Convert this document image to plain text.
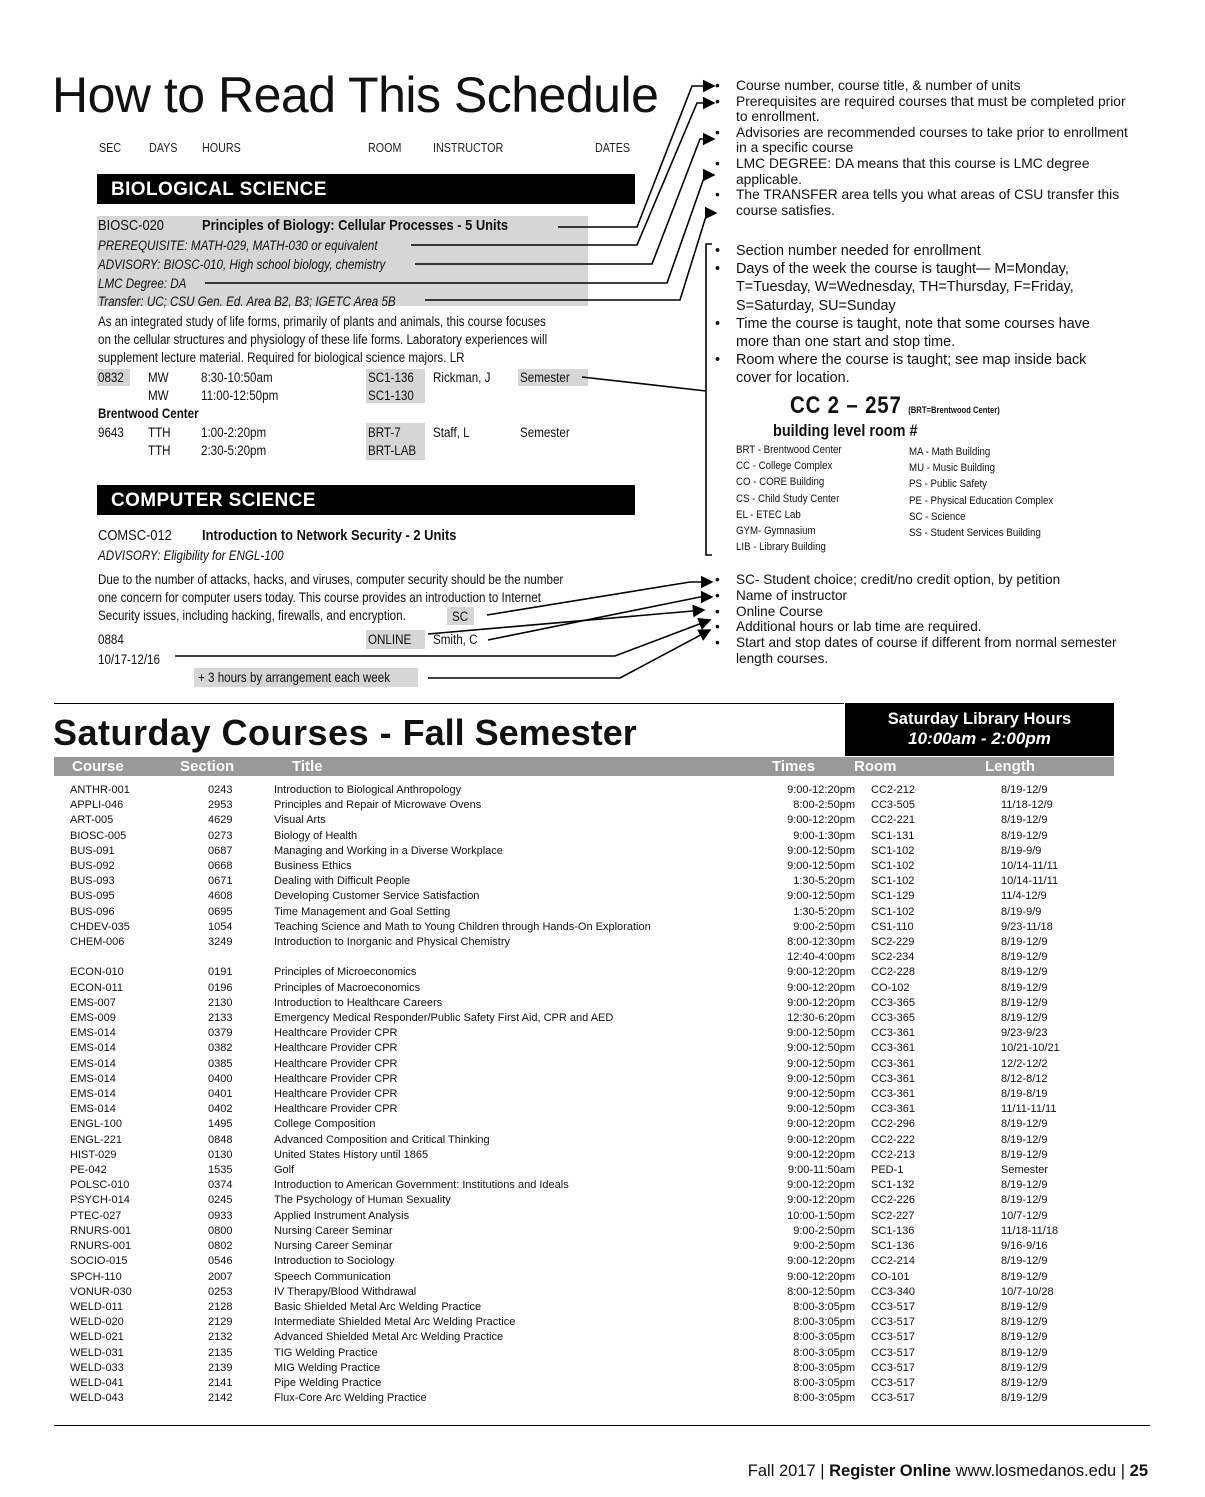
How to Read This Schedule
SEC DAYS HOURS	ROOM	INSTRUCTOR	DATES
BIOLOGICAL SCIENCE
BIOSC-020	Principles of Biology: Cellular Processes - 5 Units
PREREQUISITE: MATH-029, MATH-030 or equivalent
ADVISORY: BIOSC-010, High school biology, chemistry
LMC Degree: DA
Transfer: UC; CSU Gen. Ed. Area B2, B3; IGETC Area 5B
As an integrated study of life forms, primarily of plants and animals, this course focuses
on the cellular structures and physiology of these life forms. Laboratory experiences will
supplement lecture material. Required for biological science majors. LR
0832 MW 8:30-10:50am	SC1-136 Rickman, J Semester
MW 11:00-12:50pm	SC1-130
Brentwood Center
9643 TTH 1:00-2:20pm	BRT-7 Staff, L	Semester
TTH 2:30-5:20pm	BRT-LAB
COMPUTER SCIENCE
COMSC-012 Introduction to Network Security - 2 Units
ADVISORY: Eligibility for ENGL-100
Due to the number of attacks, hacks, and viruses, computer security should be the number
one concern for computer users today. This course provides an introduction to Internet
Security issues, including hacking, firewalls, and encryption.	SC
0884	ONLINE Smith, C
10/17-12/16
+ 3 hours by arrangement each week
• Course number, course title, & number of units
• Prerequisites are required courses that must be completed prior to enrollment.
• Advisories are recommended courses to take prior to enrollment in a specific course
• LMC DEGREE: DA means that this course is LMC degree applicable.
• The TRANSFER area tells you what areas of CSU transfer this course satisfies.
• Section number needed for enrollment
• Days of the week the course is taught— M=Monday, T=Tuesday, W=Wednesday, TH=Thursday, F=Friday, S=Saturday, SU=Sunday
• Time the course is taught, note that some courses have more than one start and stop time.
• Room where the course is taught; see map inside back cover for location.
CC 2 – 257 (BRT=Brentwood Center)
building level room #
BRT - Brentwood Center
CC - College Complex
CO - CORE Building
CS - Child Study Center
EL - ETEC Lab
GYM- Gymnasium
LIB - Library Building
MA - Math Building
MU - Music Building
PS - Public Safety
PE - Physical Education Complex
SC - Science
SS - Student Services Building
• SC- Student choice; credit/no credit option, by petition
• Name of instructor
• Online Course
• Additional hours or lab time are required.
• Start and stop dates of course if different from normal semester length courses.
Saturday Courses - Fall Semester	Saturday Library Hours
10:00am - 2:00pm
Course	Section	Title	Times	Room	Length
ANTHR-001	0243	Introduction to Biological Anthropology	9:00-12:20pm	CC2-212	8/19-12/9
APPLI-046	2953	Principles and Repair of Microwave Ovens	8:00-2:50pm	CC3-505	11/18-12/9
ART-005	4629	Visual Arts	9:00-12:20pm	CC2-221	8/19-12/9
BIOSC-005	0273	Biology of Health	9:00-1:30pm	SC1-131	8/19-12/9
BUS-091	0687	Managing and Working in a Diverse Workplace	9:00-12:50pm	SC1-102	8/19-9/9
BUS-092	0668	Business Ethics	9:00-12:50pm	SC1-102	10/14-11/11
BUS-093	0671	Dealing with Difficult People	1:30-5:20pm	SC1-102	10/14-11/11
BUS-095	4608	Developing Customer Service Satisfaction	9:00-12:50pm	SC1-129	11/4-12/9
BUS-096	0695	Time Management and Goal Setting	1:30-5:20pm	SC1-102	8/19-9/9
CHDEV-035	1054	Teaching Science and Math to Young Children through Hands-On Exploration	9:00-2:50pm	CS1-110	9/23-11/18
CHEM-006	3249	Introduction to Inorganic and Physical Chemistry	8:00-12:30pm	SC2-229	8/19-12/9
			12:40-4:00pm	SC2-234	8/19-12/9
ECON-010	0191	Principles of Microeconomics	9:00-12:20pm	CC2-228	8/19-12/9
ECON-011	0196	Principles of Macroeconomics	9:00-12:20pm	CO-102	8/19-12/9
EMS-007	2130	Introduction to Healthcare Careers	9:00-12:20pm	CC3-365	8/19-12/9
EMS-009	2133	Emergency Medical Responder/Public Safety First Aid, CPR and AED	12:30-6:20pm	CC3-365	8/19-12/9
EMS-014	0379	Healthcare Provider CPR	9:00-12:50pm	CC3-361	9/23-9/23
EMS-014	0382	Healthcare Provider CPR	9:00-12:50pm	CC3-361	10/21-10/21
EMS-014	0385	Healthcare Provider CPR	9:00-12:50pm	CC3-361	12/2-12/2
EMS-014	0400	Healthcare Provider CPR	9:00-12:50pm	CC3-361	8/12-8/12
EMS-014	0401	Healthcare Provider CPR	9:00-12:50pm	CC3-361	8/19-8/19
EMS-014	0402	Healthcare Provider CPR	9:00-12:50pm	CC3-361	11/11-11/11
ENGL-100	1495	College Composition	9:00-12:20pm	CC2-296	8/19-12/9
ENGL-221	0848	Advanced Composition and Critical Thinking	9:00-12:20pm	CC2-222	8/19-12/9
HIST-029	0130	United States History until 1865	9:00-12:20pm	CC2-213	8/19-12/9
PE-042	1535	Golf	9:00-11:50am	PED-1	Semester
POLSC-010	0374	Introduction to American Government: Institutions and Ideals	9:00-12:20pm	SC1-132	8/19-12/9
PSYCH-014	0245	The Psychology of Human Sexuality	9:00-12:20pm	CC2-226	8/19-12/9
PTEC-027	0933	Applied Instrument Analysis	10:00-1:50pm	SC2-227	10/7-12/9
RNURS-001	0800	Nursing Career Seminar	9:00-2:50pm	SC1-136	11/18-11/18
RNURS-001	0802	Nursing Career Seminar	9:00-2:50pm	SC1-136	9/16-9/16
SOCIO-015	0546	Introduction to Sociology	9:00-12:20pm	CC2-214	8/19-12/9
SPCH-110	2007	Speech Communication	9:00-12:20pm	CO-101	8/19-12/9
VONUR-030	0253	IV Therapy/Blood Withdrawal	8:00-12:50pm	CC3-340	10/7-10/28
WELD-011	2128	Basic Shielded Metal Arc Welding Practice	8:00-3:05pm	CC3-517	8/19-12/9
WELD-020	2129	Intermediate Shielded Metal Arc Welding Practice	8:00-3:05pm	CC3-517	8/19-12/9
WELD-021	2132	Advanced Shielded Metal Arc Welding Practice	8:00-3:05pm	CC3-517	8/19-12/9
WELD-031	2135	TIG Welding Practice	8:00-3:05pm	CC3-517	8/19-12/9
WELD-033	2139	MIG Welding Practice	8:00-3:05pm	CC3-517	8/19-12/9
WELD-041	2141	Pipe Welding Practice	8:00-3:05pm	CC3-517	8/19-12/9
WELD-043	2142	Flux-Core Arc Welding Practice	8:00-3:05pm	CC3-517	8/19-12/9
Fall 2017 | Register Online www.losmedanos.edu | 25
